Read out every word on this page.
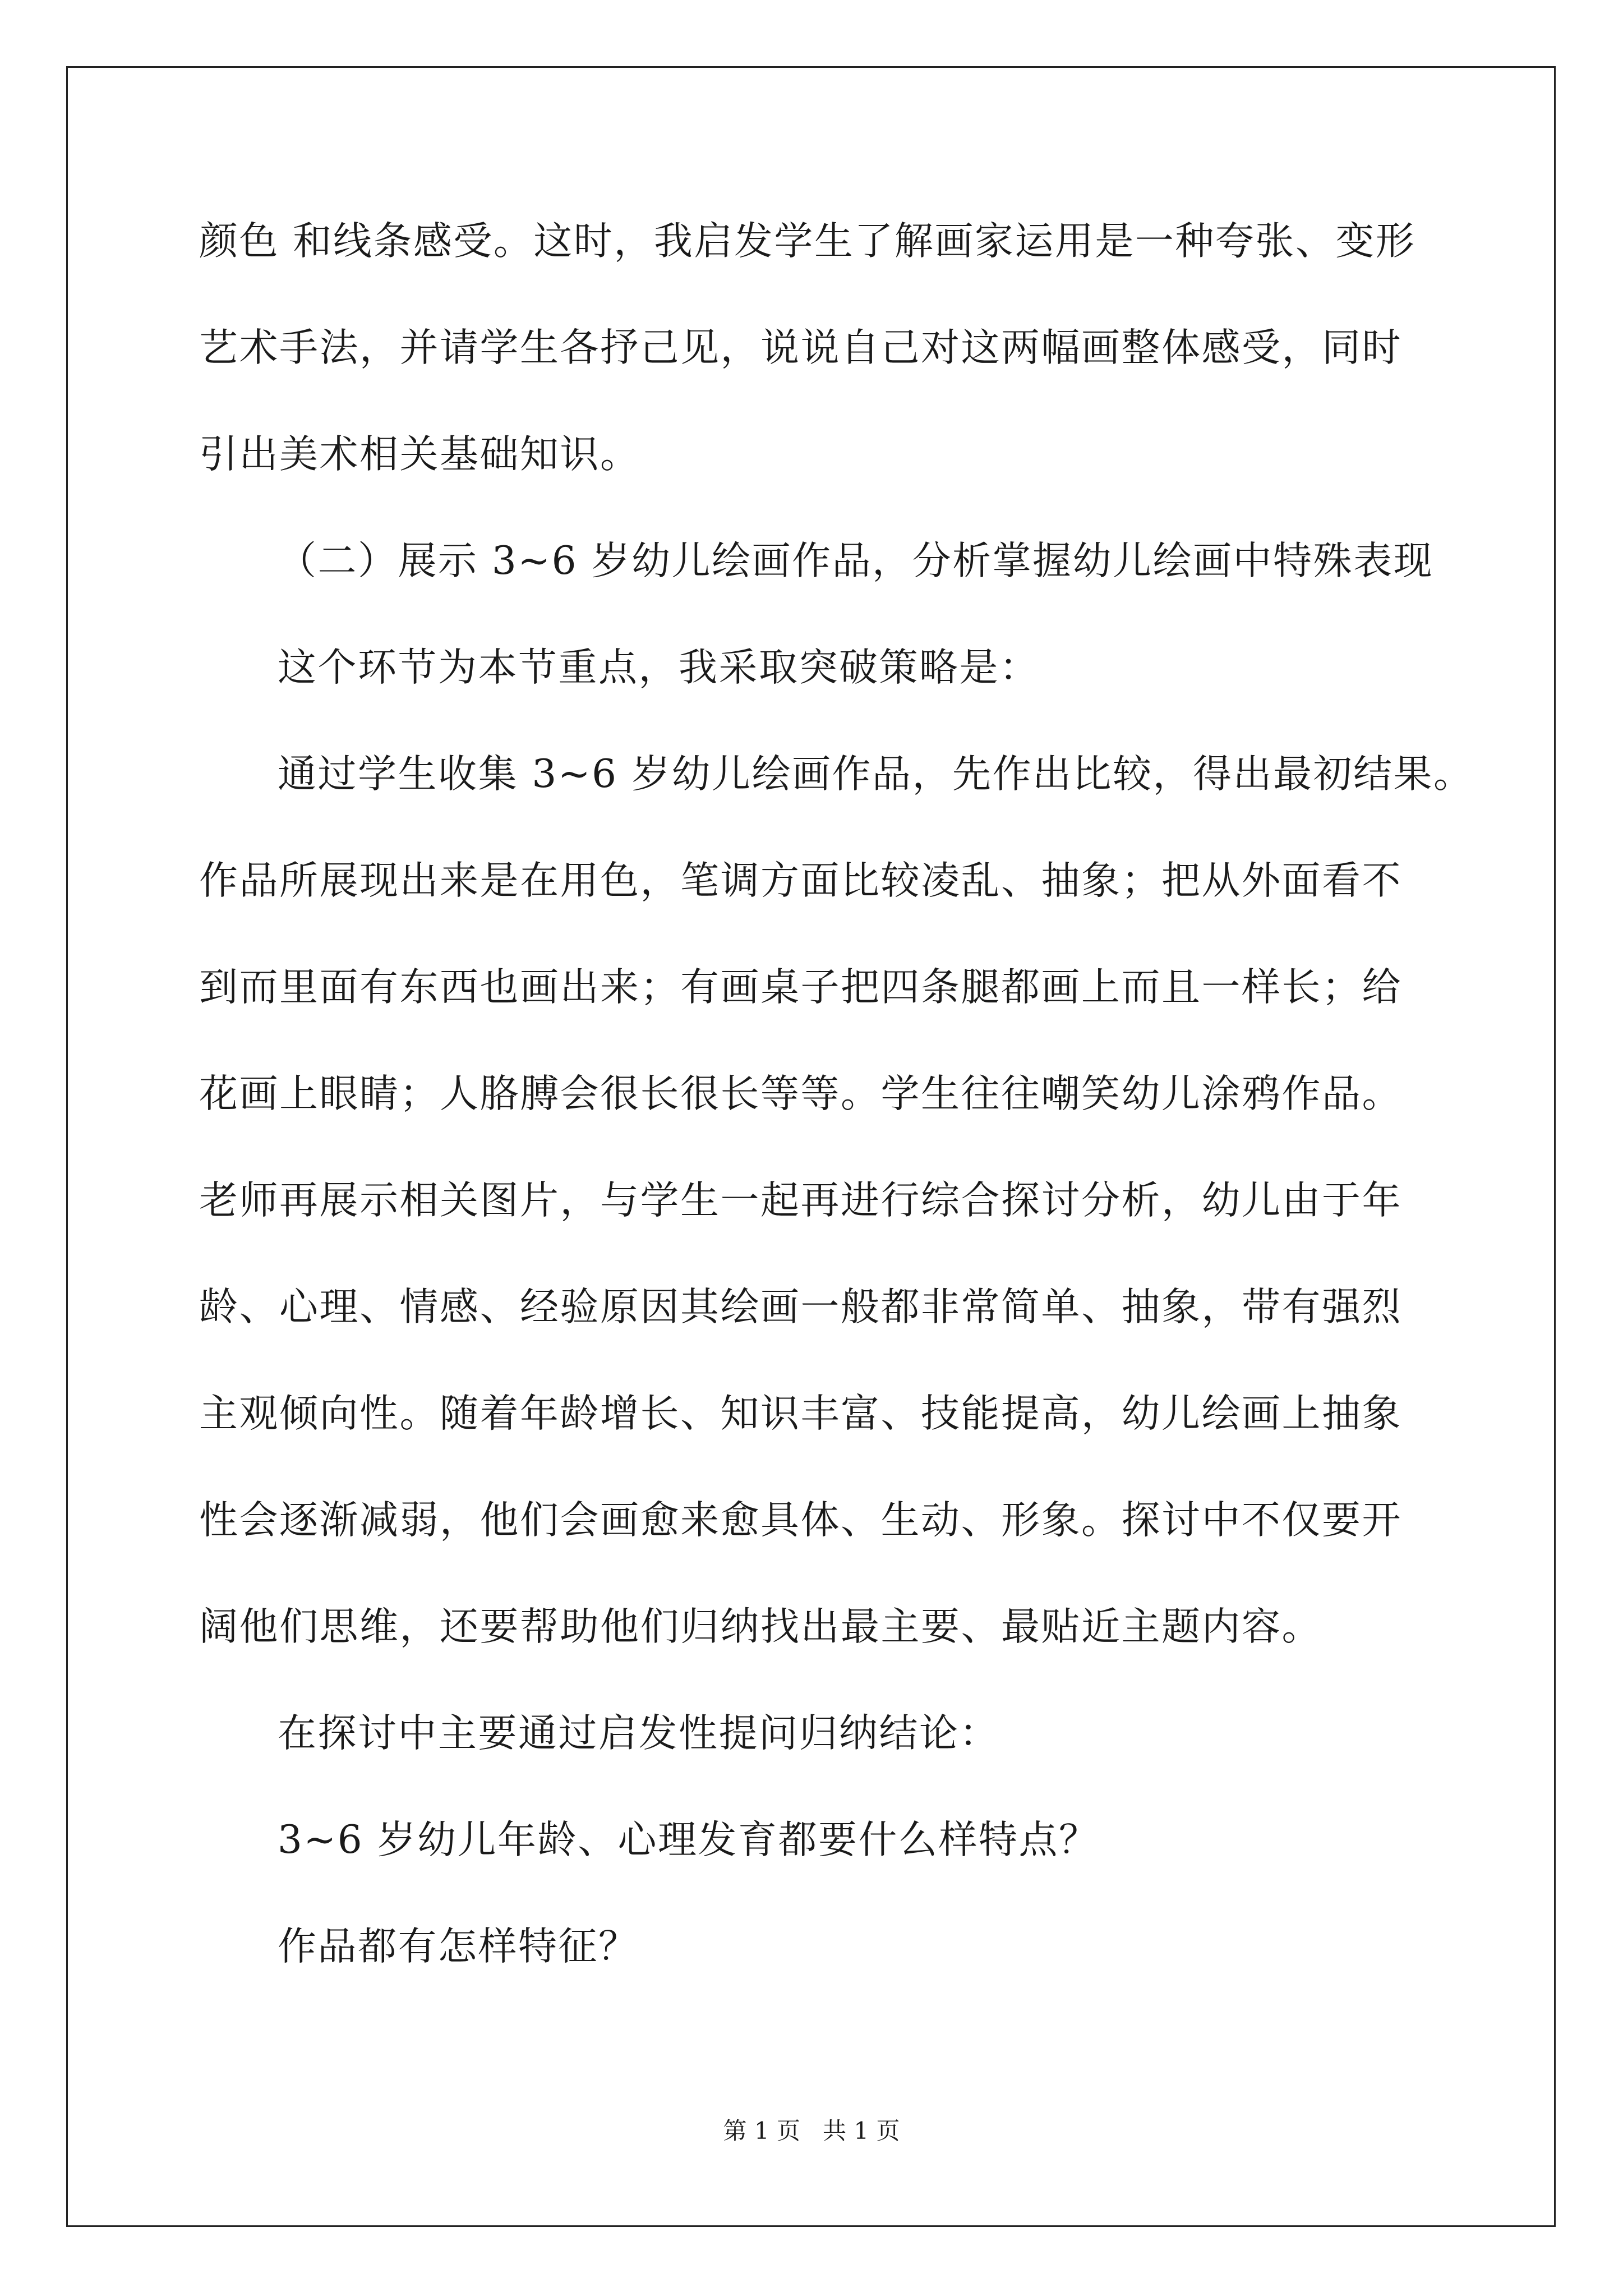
颜色 和线条感受。这时，我启发学生了解画家运用是一种夸张、变形
艺术手法，并请学生各抒己见，说说自己对这两幅画整体感受，同时
引出美术相关基础知识。
（二）展示 3~6 岁幼儿绘画作品，分析掌握幼儿绘画中特殊表现
这个环节为本节重点，我采取突破策略是：
通过学生收集 3~6 岁幼儿绘画作品，先作出比较，得出最初结果。
作品所展现出来是在用色，笔调方面比较凌乱、抽象；把从外面看不
到而里面有东西也画出来；有画桌子把四条腿都画上而且一样长；给
花画上眼睛；人胳膊会很长很长等等。学生往往嘲笑幼儿涂鸦作品。
老师再展示相关图片，与学生一起再进行综合探讨分析，幼儿由于年
龄、心理、情感、经验原因其绘画一般都非常简单、抽象，带有强烈
主观倾向性。随着年龄增长、知识丰富、技能提高，幼儿绘画上抽象
性会逐渐减弱，他们会画愈来愈具体、生动、形象。探讨中不仅要开
阔他们思维，还要帮助他们归纳找出最主要、最贴近主题内容。
在探讨中主要通过启发性提问归纳结论：
3~6 岁幼儿年龄、心理发育都要什么样特点？
作品都有怎样特征？
第 1 页   共 1 页
